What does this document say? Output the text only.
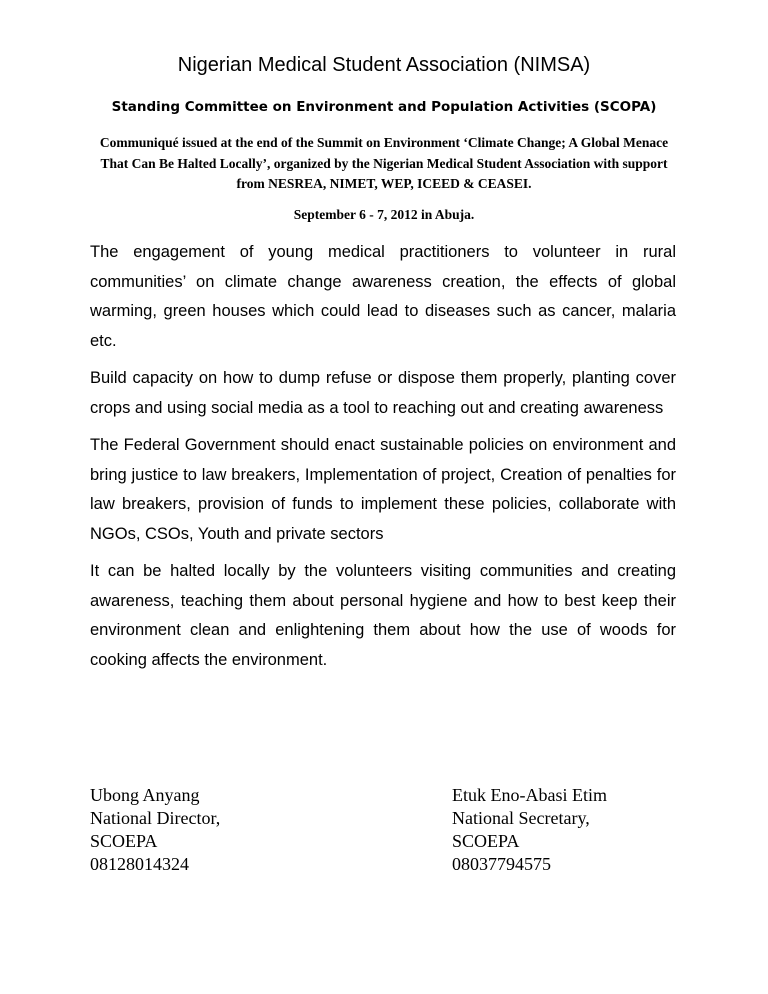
Nigerian Medical Student Association (NIMSA)
Standing Committee on Environment and Population Activities (SCOPA)

Communiqué issued at the end of the Summit on Environment ‘Climate Change; A Global Menace That Can Be Halted Locally’, organized by the Nigerian Medical Student Association with support from NESREA, NIMET, WEP, ICEED & CEASEI.

September 6 - 7, 2012 in Abuja.

The engagement of young medical practitioners to volunteer in rural communities’ on climate change awareness creation, the effects of global warming, green houses which could lead to diseases such as cancer, malaria etc.

Build capacity on how to dump refuse or dispose them properly, planting cover crops and using social media as a tool to reaching out and creating awareness

The Federal Government should enact sustainable policies on environment and bring justice to law breakers, Implementation of project, Creation of penalties for law breakers, provision of funds to implement these policies, collaborate with NGOs, CSOs, Youth and private sectors

It can be halted locally by the volunteers visiting communities and creating awareness, teaching them about personal hygiene and how to best keep their environment clean and enlightening them about how the use of woods for cooking affects the environment.

Ubong Anyang
National Director,
SCOEPA
08128014324
Etuk Eno-Abasi Etim
National Secretary,
SCOEPA
08037794575
